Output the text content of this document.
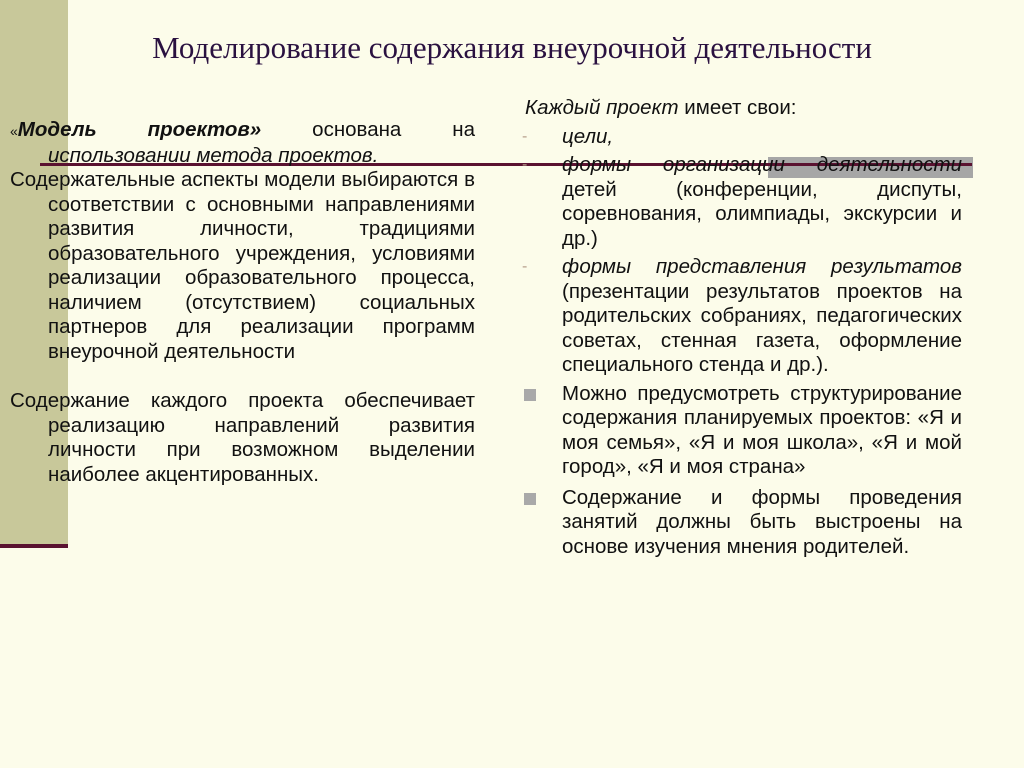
Моделирование содержания внеурочной деятельности

«Модель проектов» основана на использовании метода проектов.

Содержательные аспекты модели выбираются в соответствии с основными направлениями развития личности, традициями образовательного учреждения, условиями реализации образовательного процесса, наличием (отсутствием) социальных партнеров для реализации программ внеурочной деятельности

Содержание каждого проекта обеспечивает реализацию направлений развития личности при возможном выделении наиболее акцентированных.

Каждый проект имеет свои:

-	цели,
-	формы организации деятельности детей (конференции, диспуты, соревнования, олимпиады, экскурсии и др.)
-	формы представления результатов (презентации результатов проектов на родительских собраниях, педагогических советах, стенная газета, оформление специального стенда и др.).
Можно предусмотреть структурирование содержания планируемых проектов: «Я и моя семья», «Я и моя школа», «Я и мой город», «Я и моя страна»
Содержание и формы проведения занятий должны быть выстроены на основе изучения мнения родителей.
